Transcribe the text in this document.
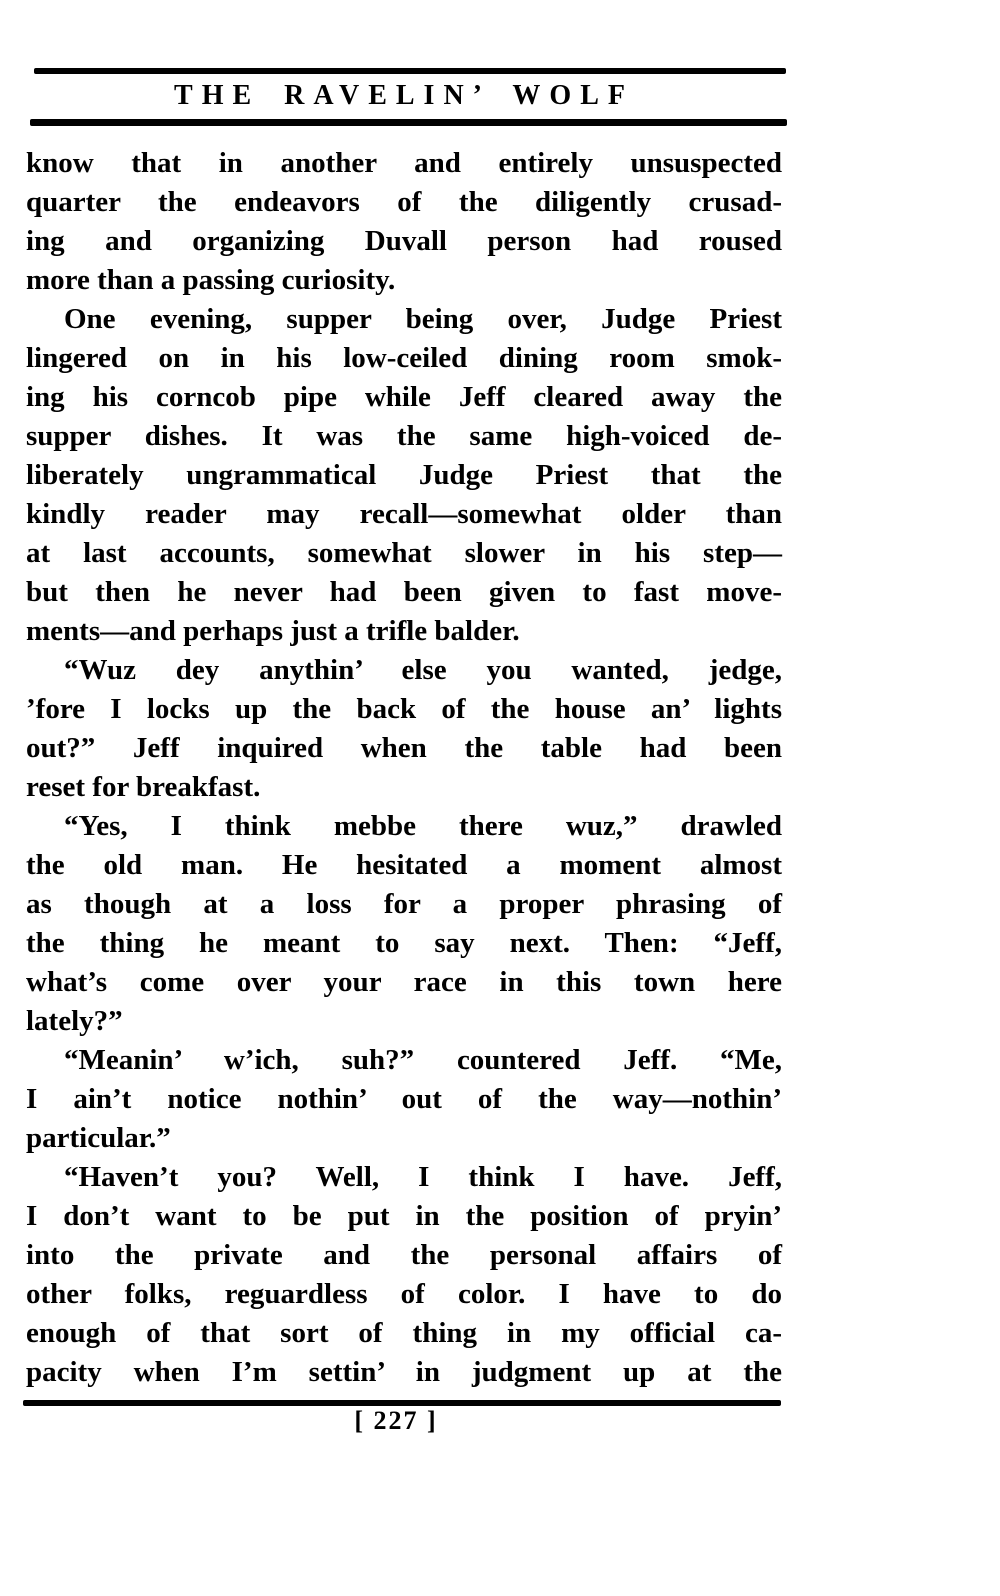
THE RAVELIN’ WOLF
know that in another and entirely unsuspected
quarter the endeavors of the diligently crusad-
ing and organizing Duvall person had roused
more than a passing curiosity.
One evening, supper being over, Judge Priest
lingered on in his low-ceiled dining room smok-
ing his corncob pipe while Jeff cleared away the
supper dishes. It was the same high-voiced de-
liberately ungrammatical Judge Priest that the
kindly reader may recall—somewhat older than
at last accounts, somewhat slower in his step—
but then he never had been given to fast move-
ments—and perhaps just a trifle balder.
“Wuz dey anythin’ else you wanted, jedge,
’fore I locks up the back of the house an’ lights
out?” Jeff inquired when the table had been
reset for breakfast.
“Yes, I think mebbe there wuz,” drawled
the old man. He hesitated a moment almost
as though at a loss for a proper phrasing of
the thing he meant to say next. Then: “Jeff,
what’s come over your race in this town here
lately?”
“Meanin’ w’ich, suh?” countered Jeff. “Me,
I ain’t notice nothin’ out of the way—nothin’
particular.”
“Haven’t you? Well, I think I have. Jeff,
I don’t want to be put in the position of pryin’
into the private and the personal affairs of
other folks, reguardless of color. I have to do
enough of that sort of thing in my official ca-
pacity when I’m settin’ in judgment up at the
[ 227 ]
